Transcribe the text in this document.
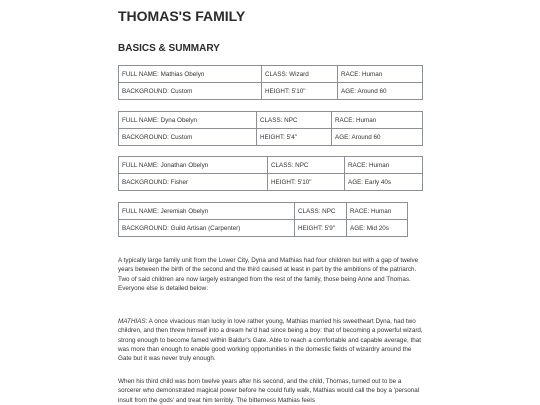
THOMAS'S FAMILY
BASICS & SUMMARY
FULL NAME: Mathias Obelyn	CLASS: Wizard	RACE: Human
BACKGROUND: Custom	HEIGHT: 5'10"	AGE: Around 60
FULL NAME: Dyna Obelyn	CLASS: NPC	RACE: Human
BACKGROUND: Custom	HEIGHT: 5'4"	AGE: Around 60
FULL NAME: Jonathan Obelyn	CLASS: NPC	RACE: Human
BACKGROUND: Fisher	HEIGHT: 5'10"	AGE: Early 40s
FULL NAME: Jeremiah Obelyn	CLASS: NPC	RACE: Human
BACKGROUND: Guild Artisan (Carpenter)	HEIGHT: 5'9"	AGE: Mid 20s

A typically large family unit from the Lower City, Dyna and Mathias had four children but with a gap of twelve years between the birth of the second and the third caused at least in part by the ambitions of the patriarch. Two of said children are now largely estranged from the rest of the family, those being Anne and Thomas. Everyone else is detailed below:

MATHIAS: A once vivacious man lucky in love rather young, Mathias married his sweetheart Dyna, had two children, and then threw himself into a dream he'd had since being a boy: that of becoming a powerful wizard, strong enough to become famed within Baldur's Gate. Able to reach a comfortable and capable average, that was more than enough to enable good working opportunities in the domestic fields of wizardry around the Gate but it was never truly enough.

When his third child was born twelve years after his second, and the child, Thomas, turned out to be a sorcerer who demonstrated magical power before he could fully walk, Mathias would call the boy a 'personal insult from the gods' and treat him terribly. The bitterness Mathias feels
